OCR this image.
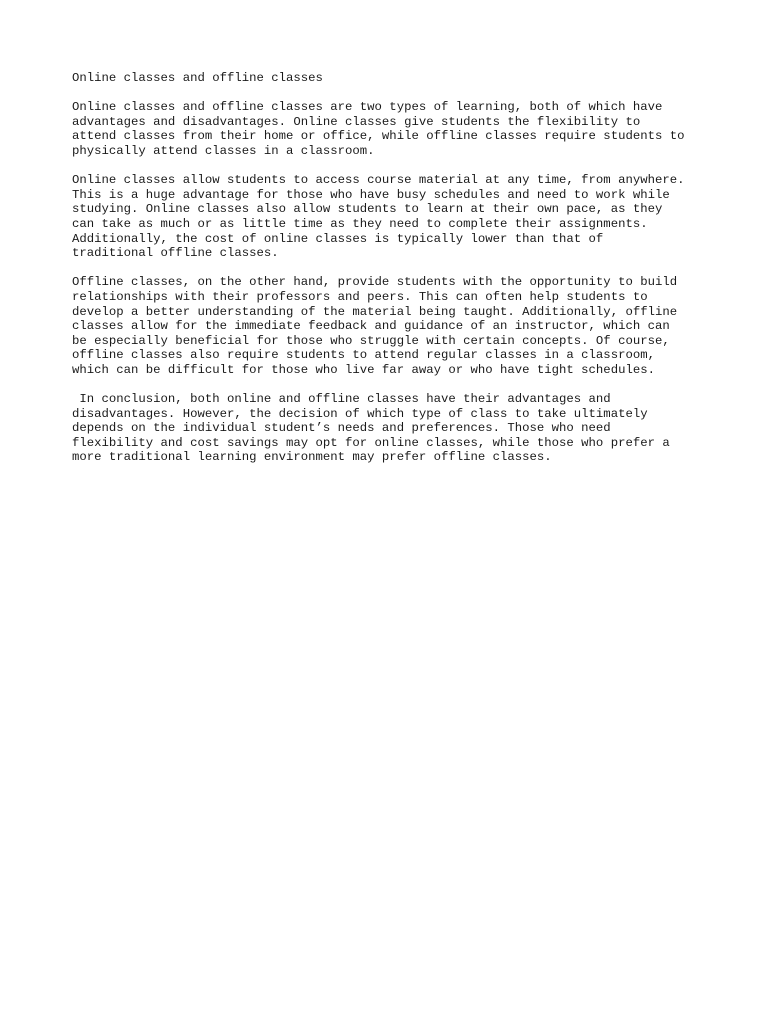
Online classes and offline classes

Online classes and offline classes are two types of learning, both of which have
advantages and disadvantages. Online classes give students the flexibility to
attend classes from their home or office, while offline classes require students to
physically attend classes in a classroom.

Online classes allow students to access course material at any time, from anywhere.
This is a huge advantage for those who have busy schedules and need to work while
studying. Online classes also allow students to learn at their own pace, as they
can take as much or as little time as they need to complete their assignments.
Additionally, the cost of online classes is typically lower than that of
traditional offline classes.

Offline classes, on the other hand, provide students with the opportunity to build
relationships with their professors and peers. This can often help students to
develop a better understanding of the material being taught. Additionally, offline
classes allow for the immediate feedback and guidance of an instructor, which can
be especially beneficial for those who struggle with certain concepts. Of course,
offline classes also require students to attend regular classes in a classroom,
which can be difficult for those who live far away or who have tight schedules.

In conclusion, both online and offline classes have their advantages and
disadvantages. However, the decision of which type of class to take ultimately
depends on the individual student’s needs and preferences. Those who need
flexibility and cost savings may opt for online classes, while those who prefer a
more traditional learning environment may prefer offline classes.
